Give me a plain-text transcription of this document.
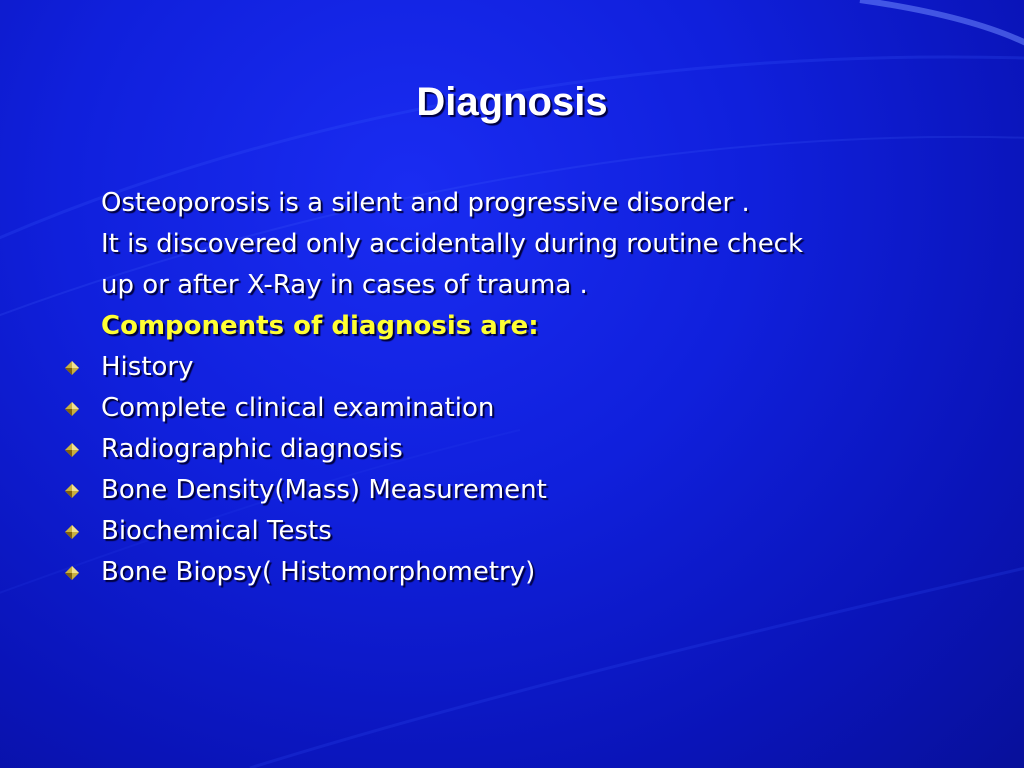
Diagnosis
Osteoporosis is a silent and progressive disorder .
It is discovered only accidentally during routine check
up or after X-Ray in cases of trauma .
Components of diagnosis are:
History
Complete clinical examination
Radiographic diagnosis
Bone Density(Mass) Measurement
Biochemical Tests
Bone Biopsy( Histomorphometry)
